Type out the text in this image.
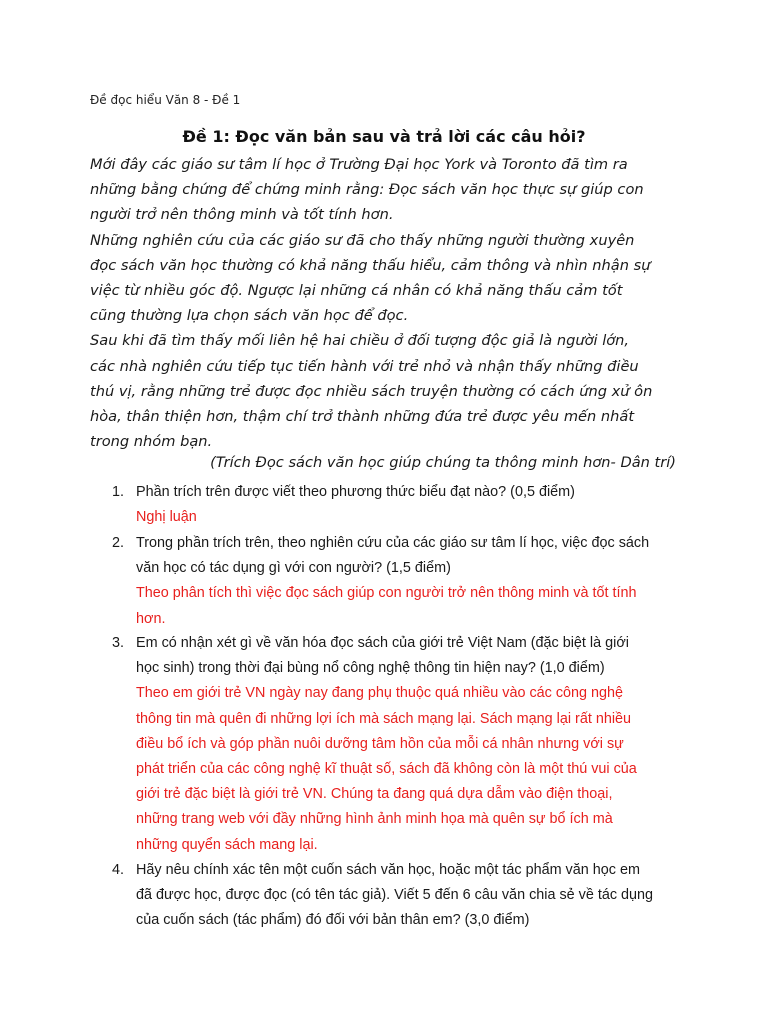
Đề đọc hiểu Văn 8 - Đề 1
Đề 1: Đọc văn bản sau và trả lời các câu hỏi?
Mới đây các giáo sư tâm lí học ở Trường Đại học York và Toronto đã tìm ra
những bằng chứng để chứng minh rằng: Đọc sách văn học thực sự giúp con
người trở nên thông minh và tốt tính hơn.
Những nghiên cứu của các giáo sư đã cho thấy những người thường xuyên
đọc sách văn học thường có khả năng thấu hiểu, cảm thông và nhìn nhận sự
việc từ nhiều góc độ. Ngược lại những cá nhân có khả năng thấu cảm tốt
cũng thường lựa chọn sách văn học để đọc.
Sau khi đã tìm thấy mối liên hệ hai chiều ở đối tượng độc giả là người lớn,
các nhà nghiên cứu tiếp tục tiến hành với trẻ nhỏ và nhận thấy những điều
thú vị, rằng những trẻ được đọc nhiều sách truyện thường có cách ứng xử ôn
hòa, thân thiện hơn, thậm chí trở thành những đứa trẻ được yêu mến nhất
trong nhóm bạn.
(Trích Đọc sách văn học giúp chúng ta thông minh hơn- Dân trí)
1. Phần trích trên được viết theo phương thức biểu đạt nào? (0,5 điểm)
Nghị luận
2. Trong phần trích trên, theo nghiên cứu của các giáo sư tâm lí học, việc đọc sách
văn học có tác dụng gì với con người? (1,5 điểm)
Theo phân tích thì việc đọc sách giúp con người trở nên thông minh và tốt tính
hơn.
3. Em có nhận xét gì về văn hóa đọc sách của giới trẻ Việt Nam (đặc biệt là giới
học sinh) trong thời đại bùng nổ công nghệ thông tin hiện nay? (1,0 điểm)
Theo em giới trẻ VN ngày nay đang phụ thuộc quá nhiều vào các công nghệ
thông tin mà quên đi những lợi ích mà sách mạng lại. Sách mạng lại rất nhiều
điều bổ ích và góp phần nuôi dưỡng tâm hồn của mỗi cá nhân nhưng với sự
phát triển của các công nghệ kĩ thuật số, sách đã không còn là một thú vui của
giới trẻ đặc biệt là giới trẻ VN. Chúng ta đang quá dựa dẫm vào điện thoại,
những trang web với đầy những hình ảnh minh họa mà quên sự bổ ích mà
những quyển sách mang lại.
4. Hãy nêu chính xác tên một cuốn sách văn học, hoặc một tác phẩm văn học em
đã được học, được đọc (có tên tác giả). Viết 5 đến 6 câu văn chia sẻ về tác dụng
của cuốn sách (tác phẩm) đó đối với bản thân em? (3,0 điểm)
